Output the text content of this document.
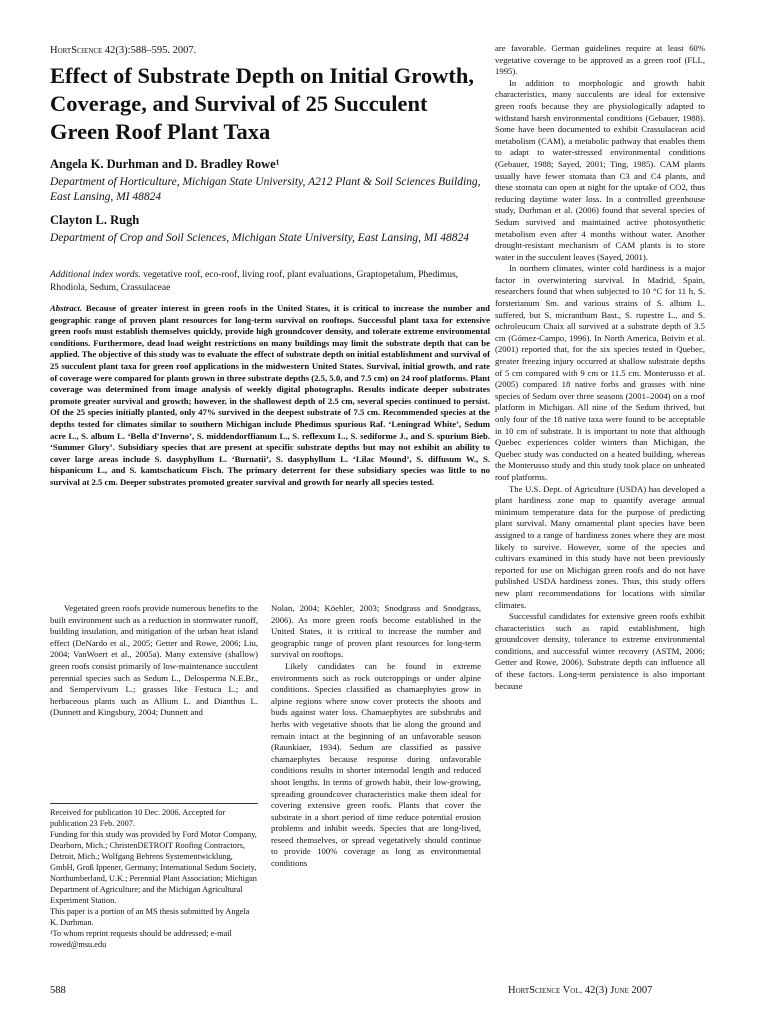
HortScience 42(3):588–595. 2007.
Effect of Substrate Depth on Initial Growth, Coverage, and Survival of 25 Succulent Green Roof Plant Taxa
Angela K. Durhman and D. Bradley Rowe¹
Department of Horticulture, Michigan State University, A212 Plant & Soil Sciences Building, East Lansing, MI 48824
Clayton L. Rugh
Department of Crop and Soil Sciences, Michigan State University, East Lansing, MI 48824
Additional index words. vegetative roof, eco-roof, living roof, plant evaluations, Graptopetalum, Phedimus, Rhodiola, Sedum, Crassulaceae
Abstract. Because of greater interest in green roofs in the United States, it is critical to increase the number and geographic range of proven plant resources for long-term survival on rooftops. Successful plant taxa for extensive green roofs must establish themselves quickly, provide high groundcover density, and tolerate extreme environmental conditions. Furthermore, dead load weight restrictions on many buildings may limit the substrate depth that can be applied. The objective of this study was to evaluate the effect of substrate depth on initial establishment and survival of 25 succulent plant taxa for green roof applications in the midwestern United States. Survival, initial growth, and rate of coverage were compared for plants grown in three substrate depths (2.5, 5.0, and 7.5 cm) on 24 roof platforms. Plant coverage was determined from image analysis of weekly digital photographs. Results indicate deeper substrates promote greater survival and growth; however, in the shallowest depth of 2.5 cm, several species continued to persist. Of the 25 species initially planted, only 47% survived in the deepest substrate of 7.5 cm. Recommended species at the depths tested for climates similar to southern Michigan include Phedimus spurious Raf. ‘Leningrad White’, Sedum acre L., S. album L. ‘Bella d’Inverno’, S. middendorffianum L., S. reflexum L., S. sediforme J., and S. spurium Bieb. ‘Summer Glory’. Subsidiary species that are present at specific substrate depths but may not exhibit an ability to cover large areas include S. dasyphyllum L. ‘Burnatii’, S. dasyphyllum L. ‘Lilac Mound’, S. diffusum W., S. hispanicum L., and S. kamtschaticum Fisch. The primary deterrent for these subsidiary species was little to no survival at 2.5 cm. Deeper substrates promoted greater survival and growth for nearly all species tested.

Vegetated green roofs provide numerous benefits to the built environment such as a reduction in stormwater runoff, building insulation, and mitigation of the urban heat island effect (DeNardo et al., 2005; Getter and Rowe, 2006; Liu, 2004; VanWoert et al., 2005a). Many extensive (shallow) green roofs consist primarily of low-maintenance succulent perennial species such as Sedum L., Delosperma N.E.Br., and Sempervivum L.; grasses like Festuca L.; and herbaceous plants such as Allium L. and Dianthus L. (Dunnett and Kingsbury, 2004; Dunnett and

Received for publication 10 Dec. 2006. Accepted for publication 23 Feb. 2007.
Funding for this study was provided by Ford Motor Company, Dearborn, Mich.; ChristenDETROIT Roofing Contractors, Detroit, Mich.; Wolfgang Behrens Systementwicklung, GmbH, Groß Ippener, Germany; International Sedum Society, Northumberland, U.K.; Perennial Plant Association; Michigan Department of Agriculture; and the Michigan Agricultural Experiment Station.
This paper is a portion of an MS thesis submitted by Angela K. Durhman.
¹To whom reprint requests should be addressed; e-mail rowed@msu.edu

Nolan, 2004; Köehler, 2003; Snodgrass and Snodgrass, 2006). As more green roofs become established in the United States, it is critical to increase the number and geographic range of proven plant resources for long-term survival on rooftops.

Likely candidates can be found in extreme environments such as rock outcroppings or under alpine conditions. Species classified as chamaephytes grow in alpine regions where snow cover protects the shoots and buds against water loss. Chamaephytes are subshrubs and herbs with vegetative shoots that lie along the ground and remain intact at the beginning of an unfavorable season (Raunkiaer, 1934). Sedum are classified as passive chamaephytes because response during unfavorable conditions results in shorter internodal length and reduced shoot lengths. In terms of growth habit, their low-growing, spreading groundcover characteristics make them ideal for covering extensive green roofs. Plants that cover the substrate in a short period of time reduce potential erosion problems and inhibit weeds. Species that are long-lived, reseed themselves, or spread vegetatively should continue to provide 100% coverage as long as environmental conditions

are favorable. German guidelines require at least 60% vegetative coverage to be approved as a green roof (FLL, 1995).

In addition to morphologic and growth habit characteristics, many succulents are ideal for extensive green roofs because they are physiologically adapted to withstand harsh environmental conditions (Gebauer, 1988). Some have been documented to exhibit Crassulacean acid metabolism (CAM), a metabolic pathway that enables them to adapt to water-stressed environmental conditions (Gebauer, 1988; Sayed, 2001; Ting, 1985). CAM plants usually have fewer stomata than C3 and C4 plants, and these stomata can open at night for the uptake of CO2, thus reducing daytime water loss. In a controlled greenhouse study, Durhman et al. (2006) found that several species of Sedum survived and maintained active photosynthetic metabolism even after 4 months without water. Another drought-resistant mechanism of CAM plants is to store water in the succulent leaves (Sayed, 2001).

In northern climates, winter cold hardiness is a major factor in overwintering survival. In Madrid, Spain, researchers found that when subjected to 10 °C for 11 h, S. forsterianum Sm. and various strains of S. album L. suffered, but S. micranthum Bast., S. rupestre L., and S. ochroleucum Chaix all survived at a substrate depth of 3.5 cm (Gómez-Campo, 1996). In North America, Boivin et al. (2001) reported that, for the six species tested in Quebec, greater freezing injury occurred at shallow substrate depths of 5 cm compared with 9 cm or 11.5 cm. Monterusso et al. (2005) compared 18 native forbs and grasses with nine species of Sedum over three seasons (2001–2004) on a roof platform in Michigan. All nine of the Sedum thrived, but only four of the 18 native taxa were found to be acceptable in 10 cm of substrate. It is important to note that although Quebec experiences colder winters than Michigan, the Quebec study was conducted on a heated building, whereas the Monterusso study and this study took place on unheated roof platforms.

The U.S. Dept. of Agriculture (USDA) has developed a plant hardiness zone map to quantify average annual minimum temperature data for the purpose of predicting plant survival. Many ornamental plant species have been assigned to a range of hardiness zones where they are most likely to survive. However, some of the species and cultivars examined in this study have not been previously reported for use on Michigan green roofs and do not have published USDA hardiness zones. Thus, this study offers new plant recommendations for locations with similar climates.

Successful candidates for extensive green roofs exhibit characteristics such as rapid establishment, high groundcover density, tolerance to extreme environmental conditions, and successful winter recovery (ASTM, 2006; Getter and Rowe, 2006). Substrate depth can influence all of these factors. Long-term persistence is also important because

588	HortScience Vol. 42(3) June 2007
